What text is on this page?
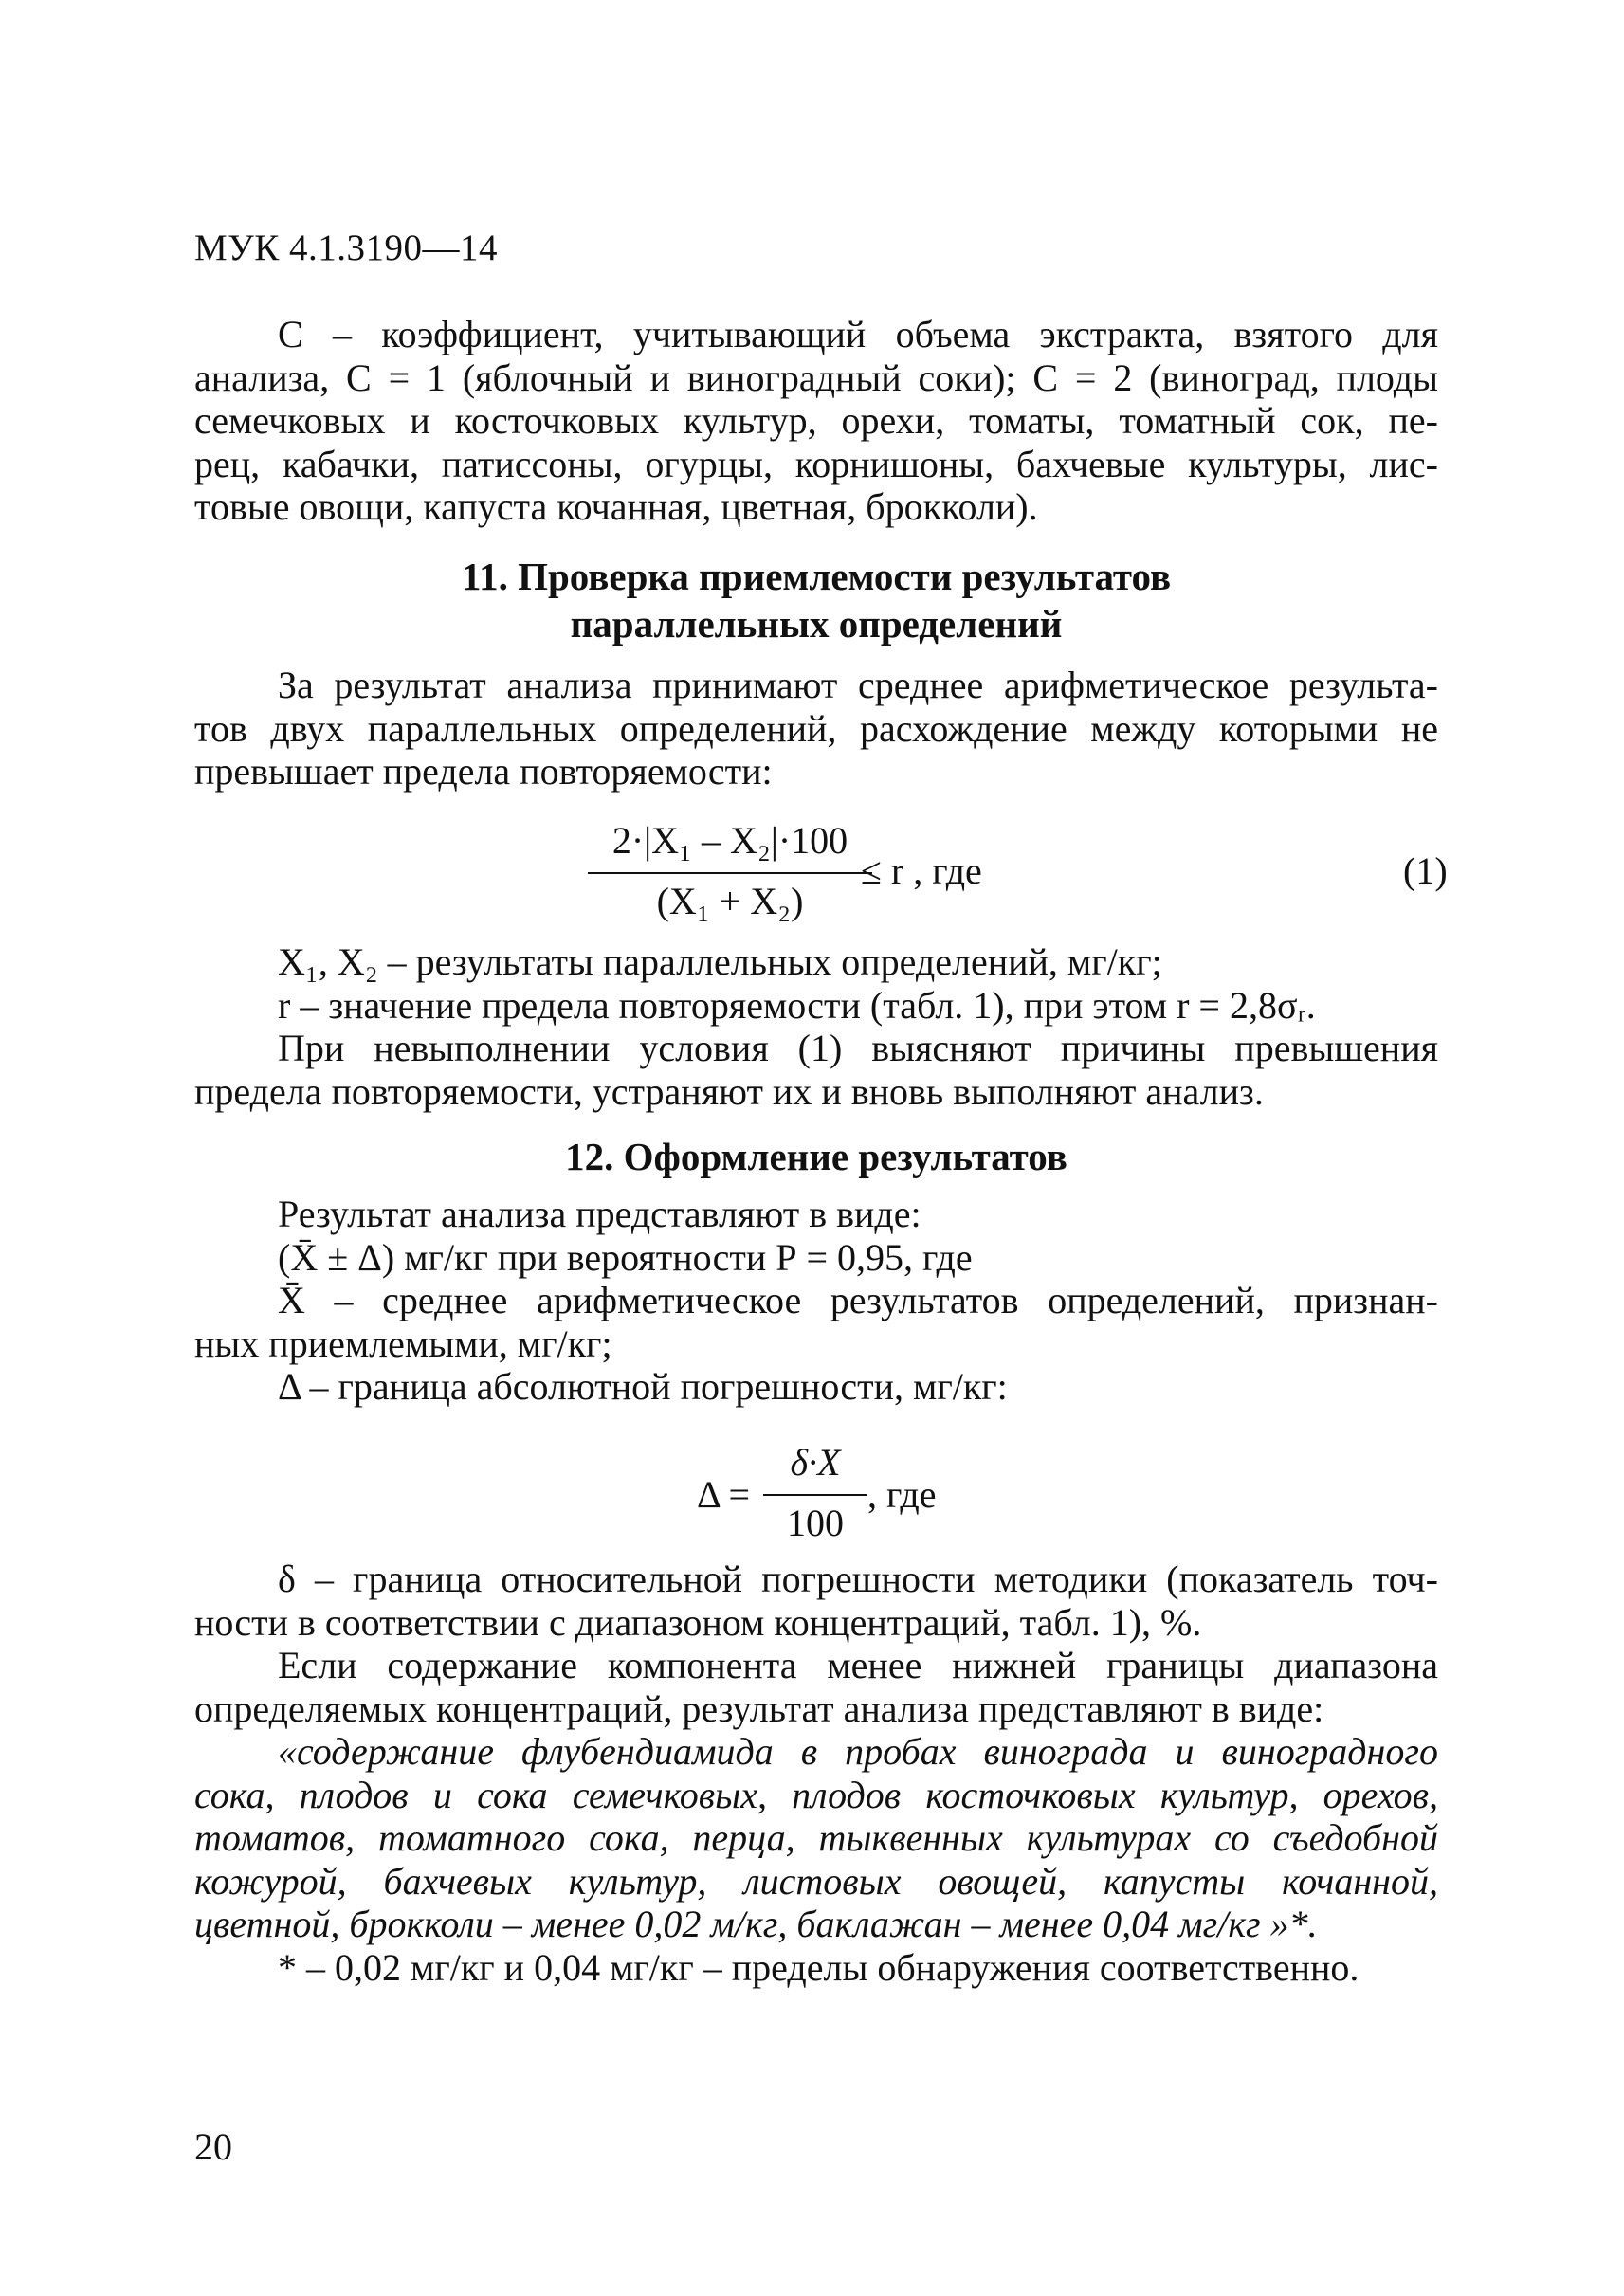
МУК 4.1.3190—14

С – коэффициент, учитывающий объема экстракта, взятого для

анализа, С = 1 (яблочный и виноградный соки); С = 2 (виноград, плоды

семечковых и косточковых культур, орехи, томаты, томатный сок, пе-

рец, кабачки, патиссоны, огурцы, корнишоны, бахчевые культуры, лис-

товые овощи, капуста кочанная, цветная, брокколи).

11. Проверка приемлемости результатов

параллельных определений

За результат анализа принимают среднее арифметическое результа-

тов двух параллельных определений, расхождение между которыми не

превышает предела повторяемости:

2·|X₁ – X₂|·100
(X₁ + X₂)
≤ r , где	(1)

X₁, X₂ – результаты параллельных определений, мг/кг;

r – значение предела повторяемости (табл. 1), при этом r = 2,8σᵣ.

При невыполнении условия (1) выясняют причины превышения

предела повторяемости, устраняют их и вновь выполняют анализ.

12. Оформление результатов

Результат анализа представляют в виде:

(X̄ ± Δ) мг/кг при вероятности Р = 0,95, где

X̄ – среднее арифметическое результатов определений, признан-

ных приемлемыми, мг/кг;

Δ – граница абсолютной погрешности, мг/кг:

Δ =
δ·X
100
, где

δ – граница относительной погрешности методики (показатель точ-

ности в соответствии с диапазоном концентраций, табл. 1), %.

Если содержание компонента менее нижней границы диапазона

определяемых концентраций, результат анализа представляют в виде:

«содержание флубендиамида в пробах винограда и виноградного

сока, плодов и сока семечковых, плодов косточковых культур, орехов,

томатов, томатного сока, перца, тыквенных культурах со съедобной

кожурой, бахчевых культур, листовых овощей, капусты кочанной,

цветной, брокколи – менее 0,02 м/кг, баклажан – менее 0,04 мг/кг »*.

* – 0,02 мг/кг и 0,04 мг/кг – пределы обнаружения соответственно.

20
